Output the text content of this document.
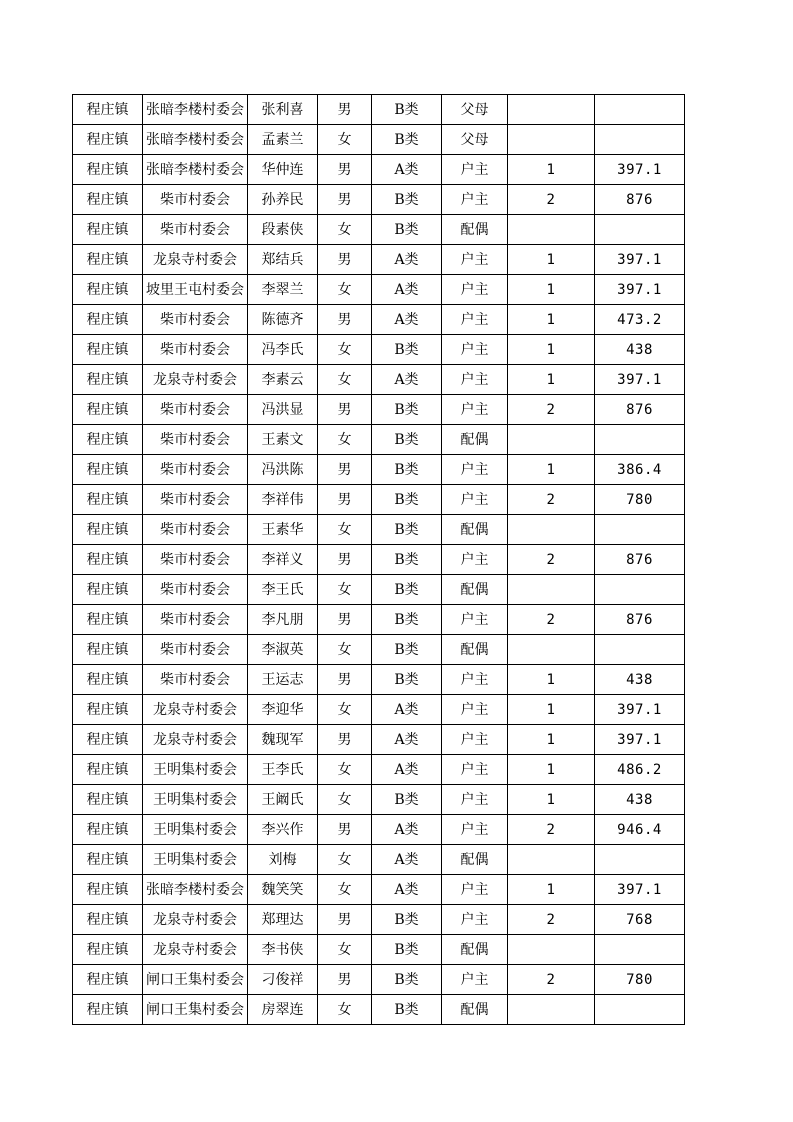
程庄镇	张暗李楼村委会	张利喜	男	B类	父母		
程庄镇	张暗李楼村委会	孟素兰	女	B类	父母		
程庄镇	张暗李楼村委会	华仲连	男	A类	户主	1	397.1
程庄镇	柴市村委会	孙养民	男	B类	户主	2	876
程庄镇	柴市村委会	段素侠	女	B类	配偶		
程庄镇	龙泉寺村委会	郑结兵	男	A类	户主	1	397.1
程庄镇	坡里王屯村委会	李翠兰	女	A类	户主	1	397.1
程庄镇	柴市村委会	陈德齐	男	A类	户主	1	473.2
程庄镇	柴市村委会	冯李氏	女	B类	户主	1	438
程庄镇	龙泉寺村委会	李素云	女	A类	户主	1	397.1
程庄镇	柴市村委会	冯洪显	男	B类	户主	2	876
程庄镇	柴市村委会	王素文	女	B类	配偶		
程庄镇	柴市村委会	冯洪陈	男	B类	户主	1	386.4
程庄镇	柴市村委会	李祥伟	男	B类	户主	2	780
程庄镇	柴市村委会	王素华	女	B类	配偶		
程庄镇	柴市村委会	李祥义	男	B类	户主	2	876
程庄镇	柴市村委会	李王氏	女	B类	配偶		
程庄镇	柴市村委会	李凡朋	男	B类	户主	2	876
程庄镇	柴市村委会	李淑英	女	B类	配偶		
程庄镇	柴市村委会	王运志	男	B类	户主	1	438
程庄镇	龙泉寺村委会	李迎华	女	A类	户主	1	397.1
程庄镇	龙泉寺村委会	魏现军	男	A类	户主	1	397.1
程庄镇	王明集村委会	王李氏	女	A类	户主	1	486.2
程庄镇	王明集村委会	王阚氏	女	B类	户主	1	438
程庄镇	王明集村委会	李兴作	男	A类	户主	2	946.4
程庄镇	王明集村委会	刘梅	女	A类	配偶		
程庄镇	张暗李楼村委会	魏笑笑	女	A类	户主	1	397.1
程庄镇	龙泉寺村委会	郑理达	男	B类	户主	2	768
程庄镇	龙泉寺村委会	李书侠	女	B类	配偶		
程庄镇	闸口王集村委会	刁俊祥	男	B类	户主	2	780
程庄镇	闸口王集村委会	房翠连	女	B类	配偶		
